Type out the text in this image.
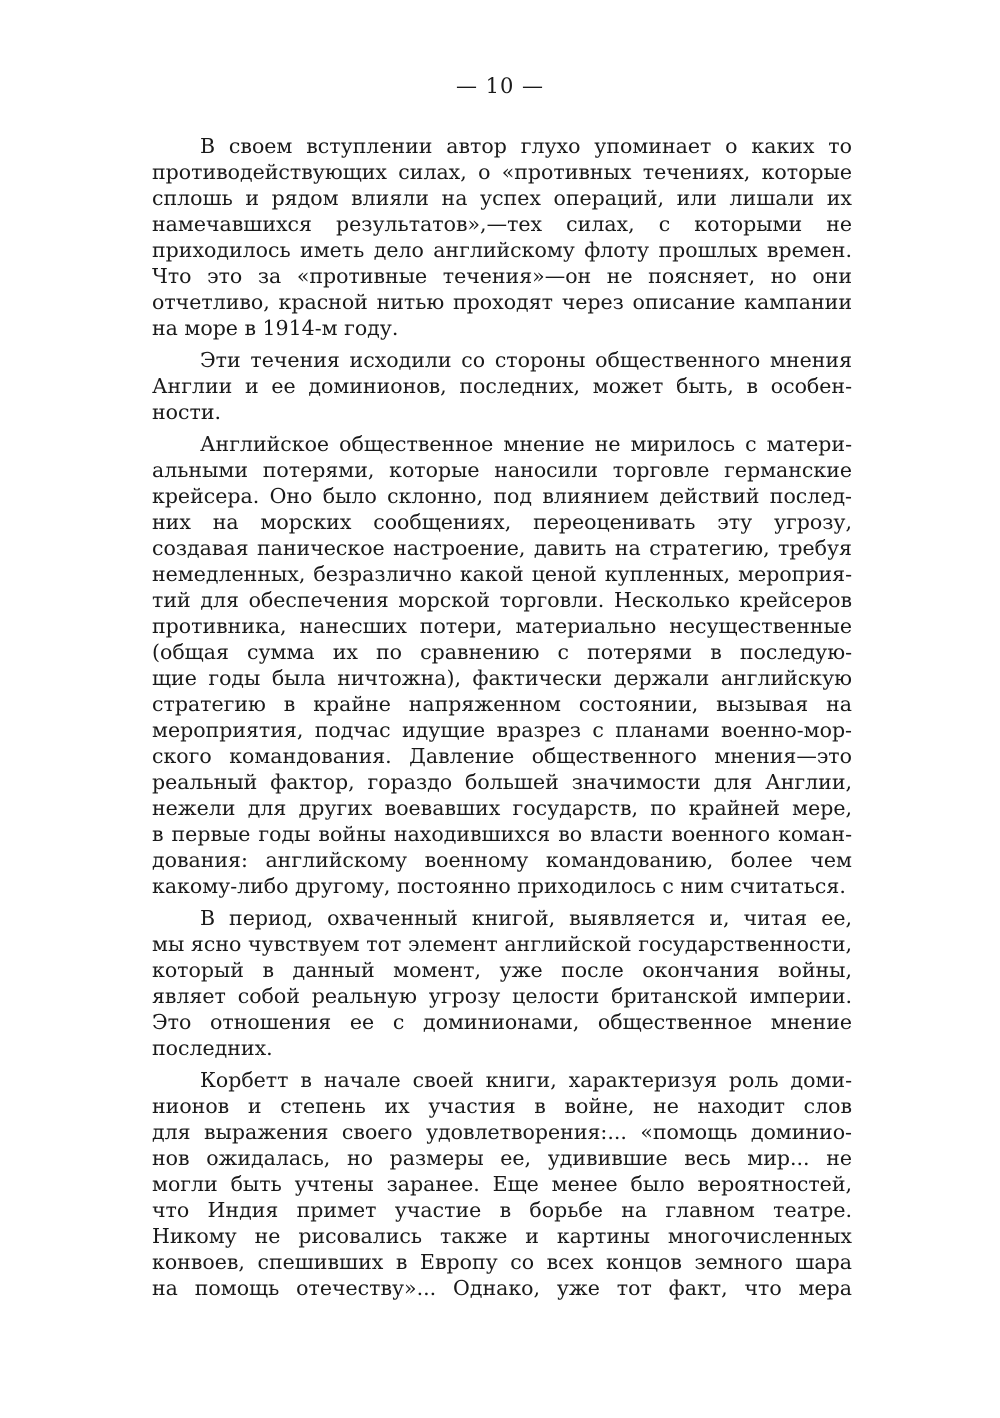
— 10 —
В своем вступлении автор глухо упоминает о каких то
противодействующих силах, о «противных течениях, которые
сплошь и рядом влияли на успех операций, или лишали их
намечавшихся результатов»,—тех силах, с которыми не
приходилось иметь дело английскому флоту прошлых времен.
Что это за «противные течения»—он не поясняет, но они
отчетливо, красной нитью проходят через описание кампании
на море в 1914-м году.
Эти течения исходили со стороны общественного мнения
Англии и ее доминионов, последних, может быть, в особен-
ности.
Английское общественное мнение не мирилось с матери-
альными потерями, которые наносили торговле германские
крейсера. Оно было склонно, под влиянием действий послед-
них на морских сообщениях, переоценивать эту угрозу,
создавая паническое настроение, давить на стратегию, требуя
немедленных, безразлично какой ценой купленных, мероприя-
тий для обеспечения морской торговли. Несколько крейсеров
противника, нанесших потери, материально несущественные
(общая сумма их по сравнению с потерями в последую-
щие годы была ничтожна), фактически держали английскую
стратегию в крайне напряженном состоянии, вызывая на
мероприятия, подчас идущие вразрез с планами военно-мор-
ского командования. Давление общественного мнения—это
реальный фактор, гораздо большей значимости для Англии,
нежели для других воевавших государств, по крайней мере,
в первые годы войны находившихся во власти военного коман-
дования: английскому военному командованию, более чем
какому-либо другому, постоянно приходилось с ним считаться.
В период, охваченный книгой, выявляется и, читая ее,
мы ясно чувствуем тот элемент английской государственности,
который в данный момент, уже после окончания войны,
являет собой реальную угрозу целости британской империи.
Это отношения ее с доминионами, общественное мнение
последних.
Корбетт в начале своей книги, характеризуя роль доми-
нионов и степень их участия в войне, не находит слов
для выражения своего удовлетворения:... «помощь доминио-
нов ожидалась, но размеры ее, удивившие весь мир... не
могли быть учтены заранее. Еще менее было вероятностей,
что Индия примет участие в борьбе на главном театре.
Никому не рисовались также и картины многочисленных
конвоев, спешивших в Европу со всех концов земного шара
на помощь отечеству»... Однако, уже тот факт, что мера
